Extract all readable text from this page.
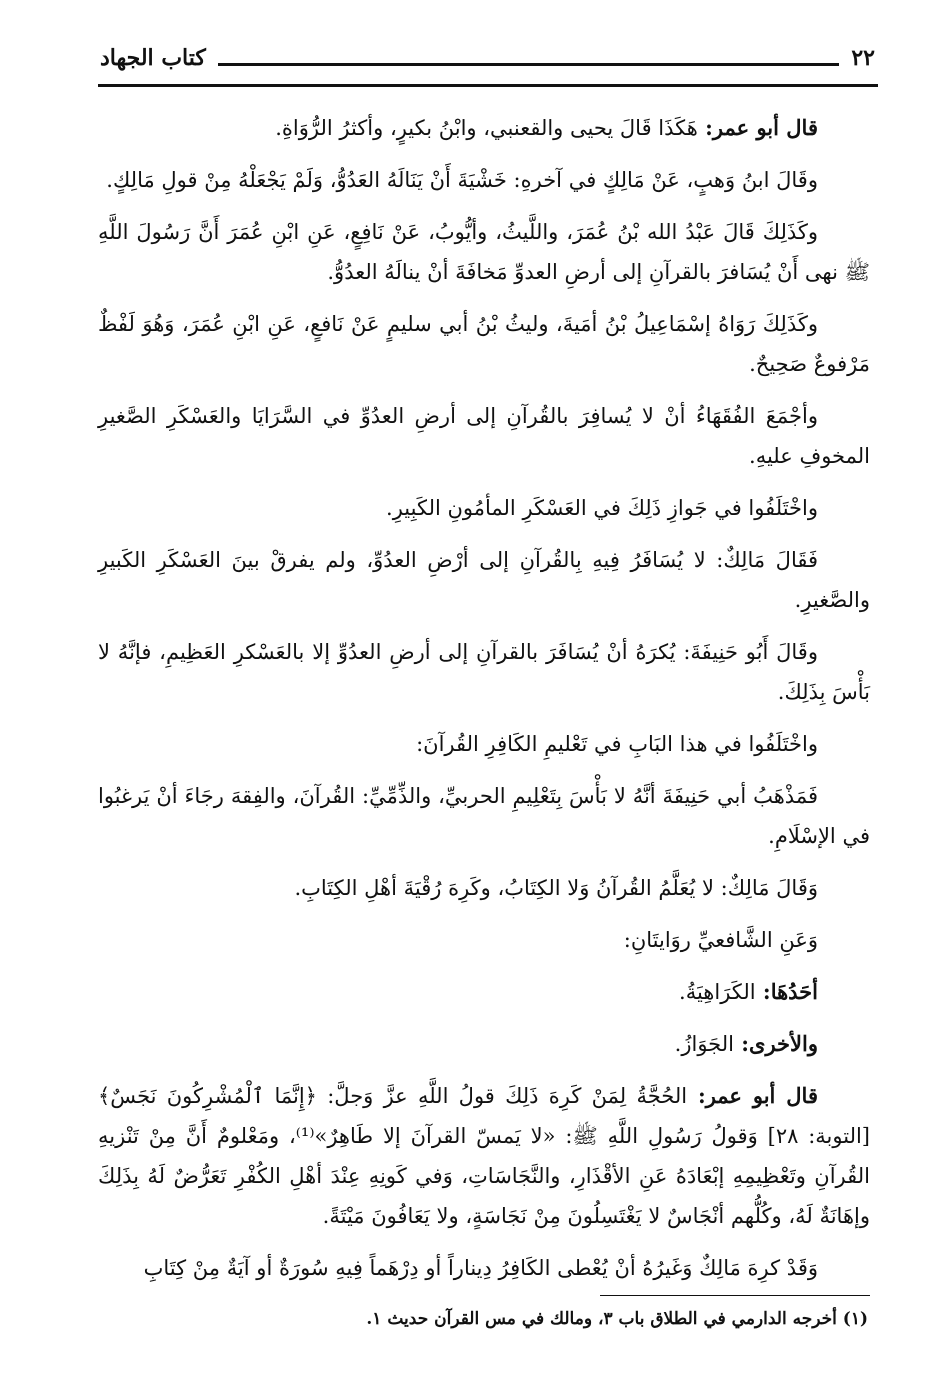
٢٢
كتاب الجهاد

قال أبو عمر: هَكَذَا قَالَ يحيى والقعنبي، وابْنُ بكيرٍ، وأكثرُ الرُّوَاةِ.

وقَالَ ابنُ وَهبٍ، عَنْ مَالِكٍ في آخرهِ: خَشْيَةَ أَنْ يَنَالَهُ العَدُوُّ، وَلَمْ يَجْعَلْهُ مِنْ قولِ مَالِكٍ.

وكَذَلِكَ قَالَ عَبْدُ الله بْنُ عُمَرَ، واللَّيثُ، وأيُّوبُ، عَنْ نَافِعٍ، عَنِ ابْنِ عُمَرَ أَنَّ رَسُولَ اللَّهِ ﷺ نهى أَنْ يُسَافرَ بالقرآنِ إلى أرضِ العدوِّ مَخافَةَ أنْ ينالَهُ العدُوُّ.

وكَذَلِكَ رَوَاهُ إسْمَاعِيلُ بْنُ أمَيةَ، وليثُ بْنُ أبي سليمٍ عَنْ نَافعٍ، عَنِ ابْنِ عُمَرَ، وَهُوَ لَفْظٌ مَرْفوعٌ صَحِيحٌ.

وأجْمَعَ الفُقَهَاءُ أنْ لا يُسافِرَ بالقُرآنِ إلى أرضِ العدُوِّ في السَّرَايَا والعَسْكَرِ الصَّغيرِ المخوفِ عليهِ.

واخْتَلَفُوا في جَوازِ ذَلِكَ في العَسْكَرِ المأمُونِ الكَبِيرِ.

فَقَالَ مَالِكٌ: لا يُسَافَرُ فِيهِ بِالقُرآنِ إلى أرْضِ العدُوِّ، ولم يفرقْ بينَ العَسْكَرِ الكَبيرِ والصَّغيرِ.

وقَالَ أَبُو حَنِيفَةَ: يُكرَهُ أنْ يُسَافَرَ بالقرآنِ إلى أرضِ العدُوِّ إلا بالعَسْكرِ العَظِيمِ، فإنَّهُ لا بَأْسَ بِذَلِكَ.

واخْتَلَفُوا في هذا البَابِ في تَعْليمِ الكَافِرِ القُرآنَ:

فَمَذْهَبُ أبي حَنِيفَةَ أنَّهُ لا بَأْسَ بِتَعْلِيمِ الحربيِّ، والذِّمِّيِّ: القُرآنَ، والفِقهَ رجَاءَ أنْ يَرغبُوا في الإسْلَامِ.

وَقَالَ مَالِكٌ: لا يُعَلَّمُ القُرآنُ وَلا الكِتَابُ، وكَرِهَ رُقْيَةَ أهْلِ الكِتَابِ.

وَعَنِ الشَّافعيِّ روَايتَانِ:

أحَدُهَا: الكَرَاهِيَةُ.

والأخرى: الجَوَازُ.

قال أبو عمر: الحُجَّةُ لِمَنْ كَرِهَ ذَلِكَ قولُ اللَّهِ عزَّ وَجلَّ: ﴿إِنَّمَا ٱلْمُشْرِكُونَ نَجَسٌ﴾ [التوبة: ٢٨] وَقولُ رَسُولِ اللَّهِ ﷺ: «لا يَمسّ القرآنَ إلا طَاهِرٌ»⁽¹⁾، ومَعْلومٌ أَنَّ مِنْ تَنْزيهِ القُرآنِ وتَعْظِيمِهِ إبْعَادَهُ عَنِ الأقْذَارِ، والنَّجَاسَاتِ، وَفي كَونِهِ عِنْدَ أهْلِ الكُفْرِ تَعَرُّضٌ لَهُ بِذَلِكَ وإهَانَةٌ لَهُ، وكُلُّهم أنْجَاسٌ لا يَغْتَسِلُونَ مِنْ نَجَاسَةٍ، ولا يَعَافُونَ مَيْتَةً.

وَقَدْ كرِهَ مَالِكٌ وَغَيرُهُ أنْ يُعْطى الكَافِرُ دِيناراً أو دِرْهَماً فِيهِ سُورَةٌ أو آيَةٌ مِنْ كِتَابِ

(١) أخرجه الدارمي في الطلاق باب ٣، ومالك في مس القرآن حديث ١.
